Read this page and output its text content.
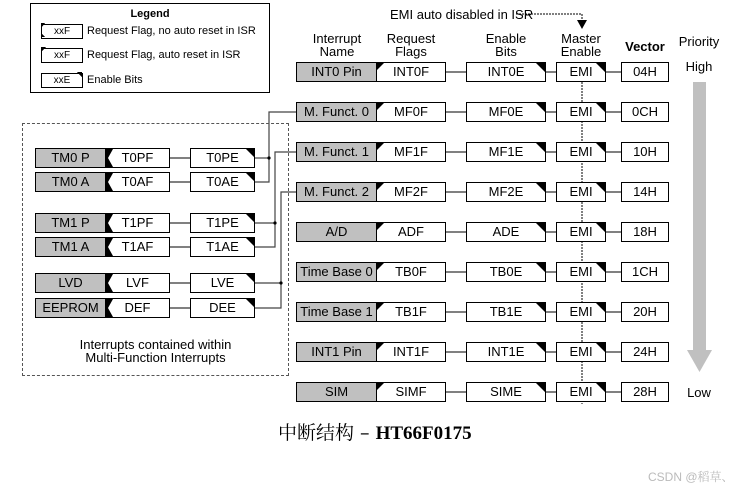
Legend
xxF	Request Flag, no auto reset in ISR
xxF	Request Flag, auto reset in ISR
xxE	Enable Bits
EMI auto disabled in ISR
Interrupt
Name
Request
Flags
Enable
Bits
Master
Enable	Vector	Priority
High
Low
INT0 Pin	INT0F	INT0E	EMI	04H
M. Funct. 0	MF0F	MF0E	EMI	0CH
M. Funct. 1	MF1F	MF1E	EMI	10H
M. Funct. 2	MF2F	MF2E	EMI	14H
A/D	ADF	ADE	EMI	18H
Time Base 0	TB0F	TB0E	EMI	1CH
Time Base 1	TB1F	TB1E	EMI	20H
INT1 Pin	INT1F	INT1E	EMI	24H
SIM	SIMF	SIME	EMI	28H
TM0 P	T0PF	T0PE
TM0 A	T0AF	T0AE
TM1 P	T1PF	T1PE
TM1 A	T1AF	T1AE
LVD	LVF	LVE
EEPROM	DEF	DEE
Interrupts contained within
Multi-Function Interrupts
中断结构 – HT66F0175
CSDN @稻草、
